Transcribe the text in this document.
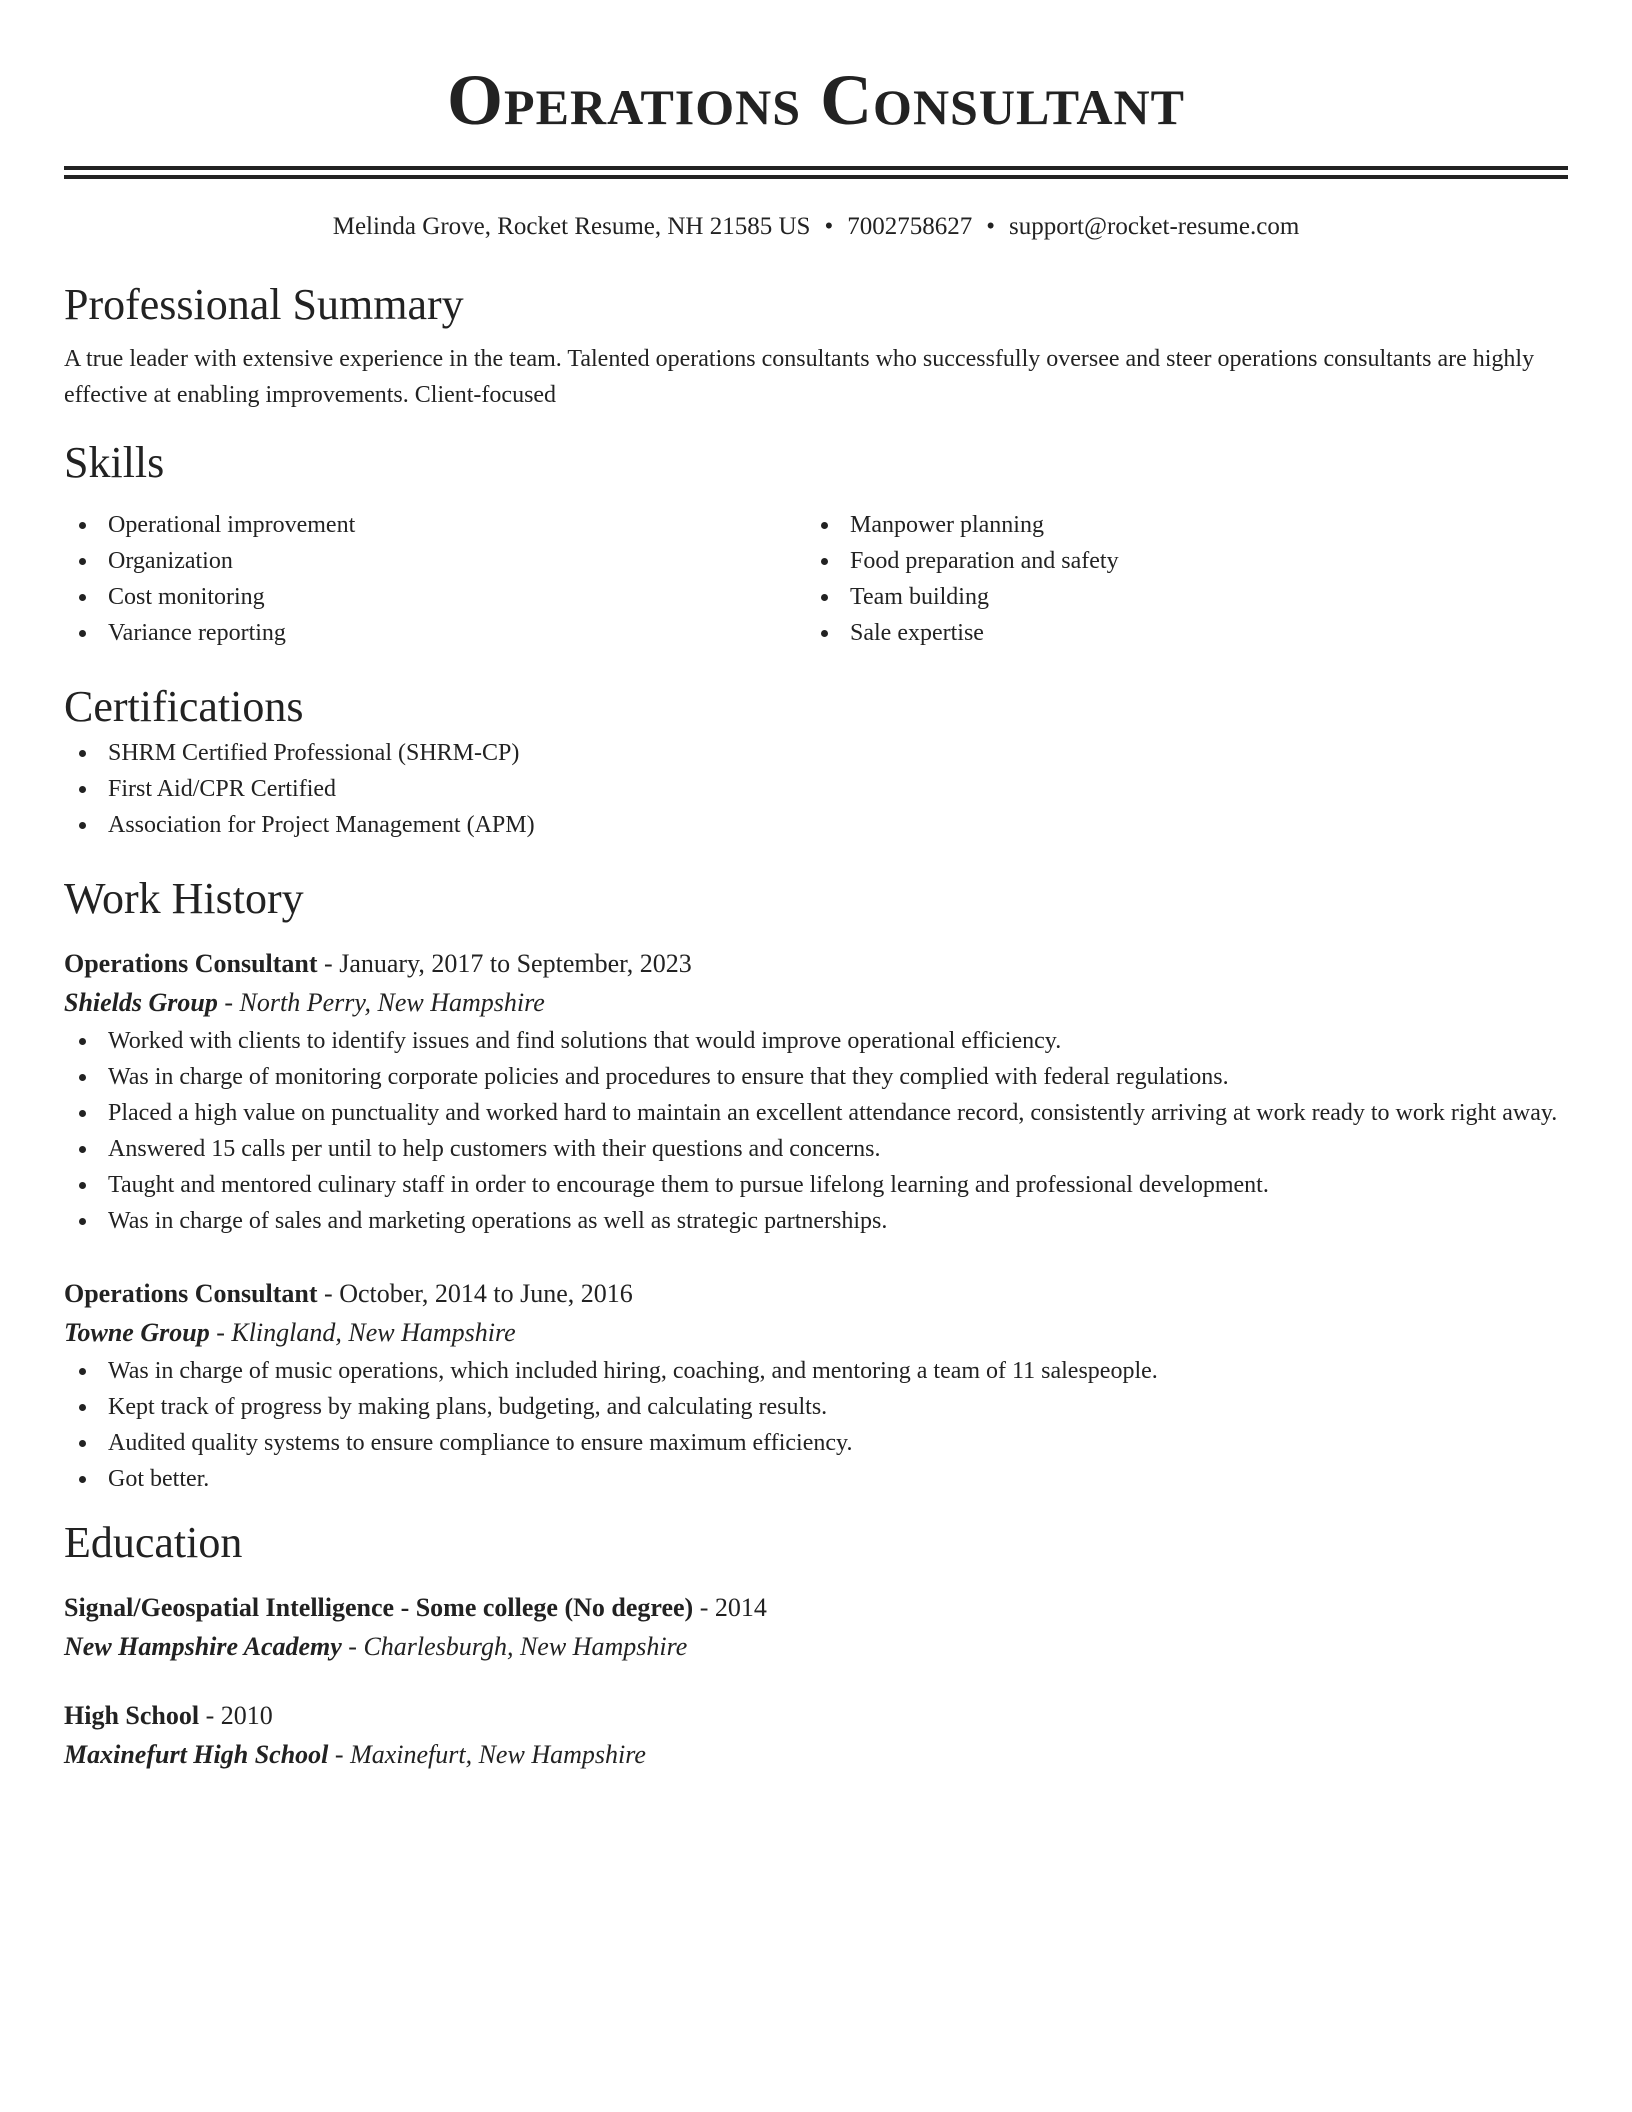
Operations Consultant
Melinda Grove, Rocket Resume, NH 21585 US • 7002758627 • support@rocket-resume.com
Professional Summary

A true leader with extensive experience in the team. Talented operations consultants who successfully oversee and steer operations consultants are highly effective at enabling improvements. Client-focused

Skills
Operational improvement
Organization
Cost monitoring
Variance reporting
Manpower planning
Food preparation and safety
Team building
Sale expertise
Certifications
SHRM Certified Professional (SHRM-CP)
First Aid/CPR Certified
Association for Project Management (APM)
Work History
Operations Consultant - January, 2017 to September, 2023
Shields Group - North Perry, New Hampshire
Worked with clients to identify issues and find solutions that would improve operational efficiency.
Was in charge of monitoring corporate policies and procedures to ensure that they complied with federal regulations.
Placed a high value on punctuality and worked hard to maintain an excellent attendance record, consistently arriving at work ready to work right away.
Answered 15 calls per until to help customers with their questions and concerns.
Taught and mentored culinary staff in order to encourage them to pursue lifelong learning and professional development.
Was in charge of sales and marketing operations as well as strategic partnerships.
Operations Consultant - October, 2014 to June, 2016
Towne Group - Klingland, New Hampshire
Was in charge of music operations, which included hiring, coaching, and mentoring a team of 11 salespeople.
Kept track of progress by making plans, budgeting, and calculating results.
Audited quality systems to ensure compliance to ensure maximum efficiency.
Got better.
Education
Signal/Geospatial Intelligence - Some college (No degree) - 2014
New Hampshire Academy - Charlesburgh, New Hampshire
High School - 2010
Maxinefurt High School - Maxinefurt, New Hampshire
